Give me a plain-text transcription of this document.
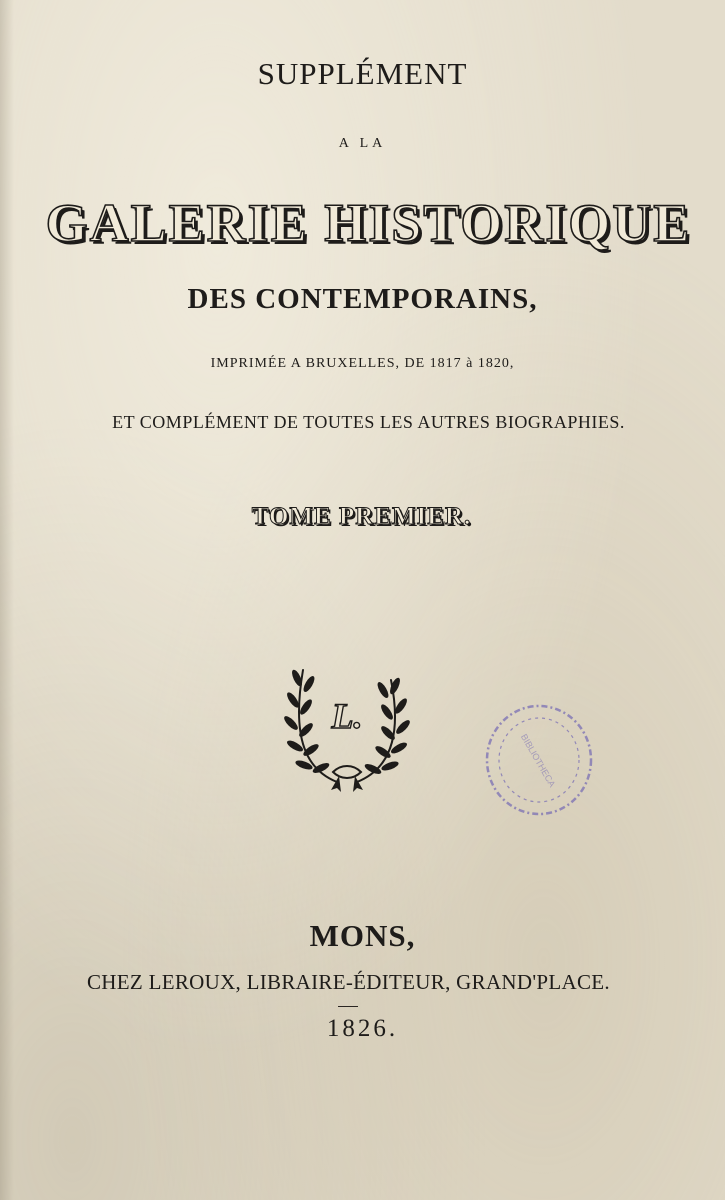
SUPPLÉMENT
A LA
GALERIE HISTORIQUE
DES CONTEMPORAINS,
IMPRIMÉE A BRUXELLES, DE 1817 à 1820,
ET COMPLÉMENT DE TOUTES LES AUTRES BIOGRAPHIES.
TOME PREMIER.
L.
BIBLIOTHECA
MONS,
CHEZ LEROUX, LIBRAIRE-ÉDITEUR, GRAND'PLACE.
1826.
